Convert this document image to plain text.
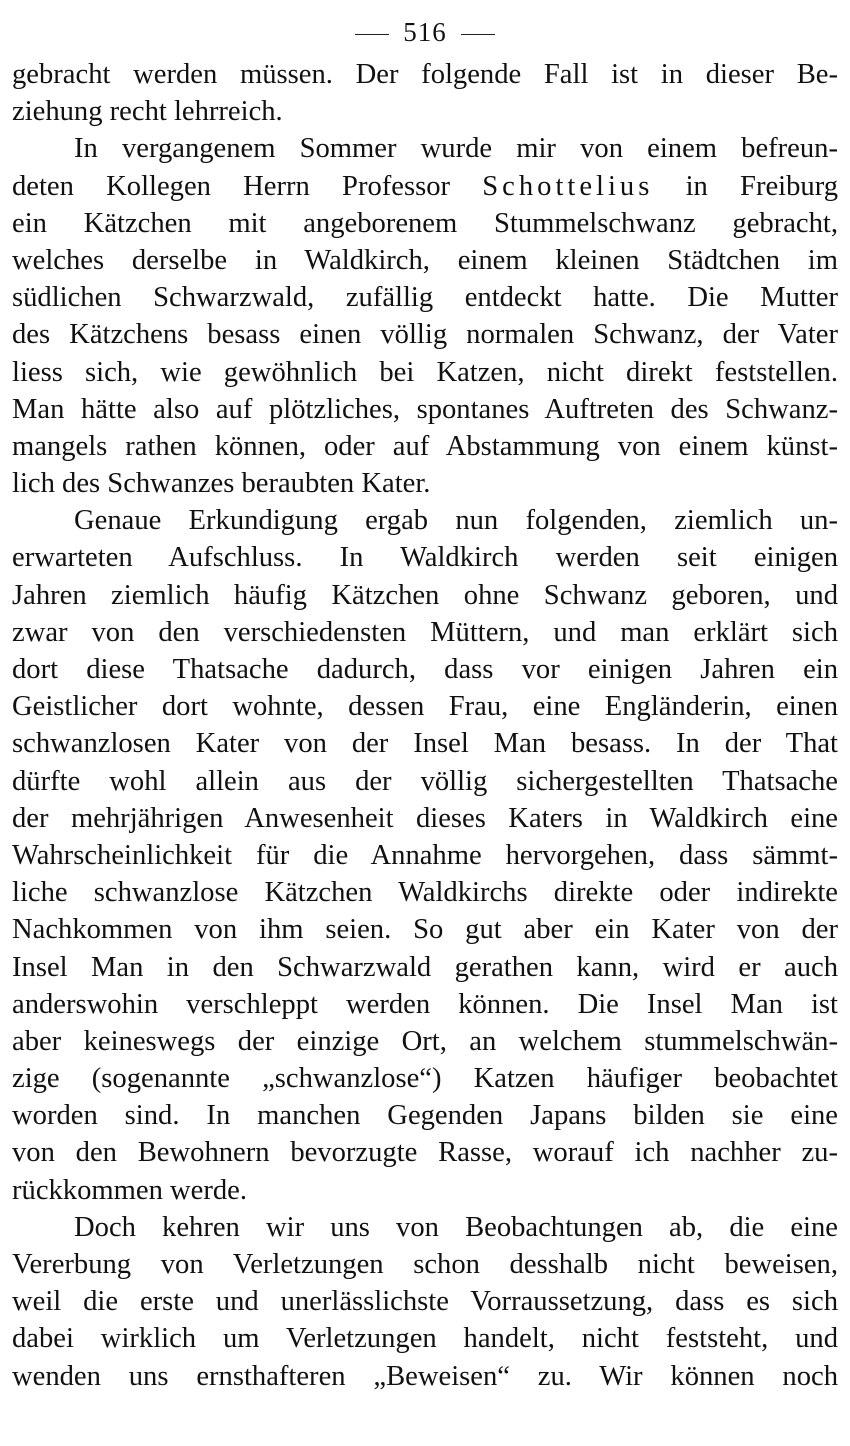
516
gebracht werden müssen. Der folgende Fall ist in dieser Be-
ziehung recht lehrreich.
In vergangenem Sommer wurde mir von einem befreun-
deten Kollegen Herrn Professor Schottelius in Freiburg
ein Kätzchen mit angeborenem Stummelschwanz gebracht,
welches derselbe in Waldkirch, einem kleinen Städtchen im
südlichen Schwarzwald, zufällig entdeckt hatte. Die Mutter
des Kätzchens besass einen völlig normalen Schwanz, der Vater
liess sich, wie gewöhnlich bei Katzen, nicht direkt feststellen.
Man hätte also auf plötzliches, spontanes Auftreten des Schwanz-
mangels rathen können, oder auf Abstammung von einem künst-
lich des Schwanzes beraubten Kater.
Genaue Erkundigung ergab nun folgenden, ziemlich un-
erwarteten Aufschluss. In Waldkirch werden seit einigen
Jahren ziemlich häufig Kätzchen ohne Schwanz geboren, und
zwar von den verschiedensten Müttern, und man erklärt sich
dort diese Thatsache dadurch, dass vor einigen Jahren ein
Geistlicher dort wohnte, dessen Frau, eine Engländerin, einen
schwanzlosen Kater von der Insel Man besass. In der That
dürfte wohl allein aus der völlig sichergestellten Thatsache
der mehrjährigen Anwesenheit dieses Katers in Waldkirch eine
Wahrscheinlichkeit für die Annahme hervorgehen, dass sämmt-
liche schwanzlose Kätzchen Waldkirchs direkte oder indirekte
Nachkommen von ihm seien. So gut aber ein Kater von der
Insel Man in den Schwarzwald gerathen kann, wird er auch
anderswohin verschleppt werden können. Die Insel Man ist
aber keineswegs der einzige Ort, an welchem stummelschwän-
zige (sogenannte „schwanzlose“) Katzen häufiger beobachtet
worden sind. In manchen Gegenden Japans bilden sie eine
von den Bewohnern bevorzugte Rasse, worauf ich nachher zu-
rückkommen werde.
Doch kehren wir uns von Beobachtungen ab, die eine
Vererbung von Verletzungen schon desshalb nicht beweisen,
weil die erste und unerlässlichste Vorraussetzung, dass es sich
dabei wirklich um Verletzungen handelt, nicht feststeht, und
wenden uns ernsthafteren „Beweisen“ zu. Wir können noch
